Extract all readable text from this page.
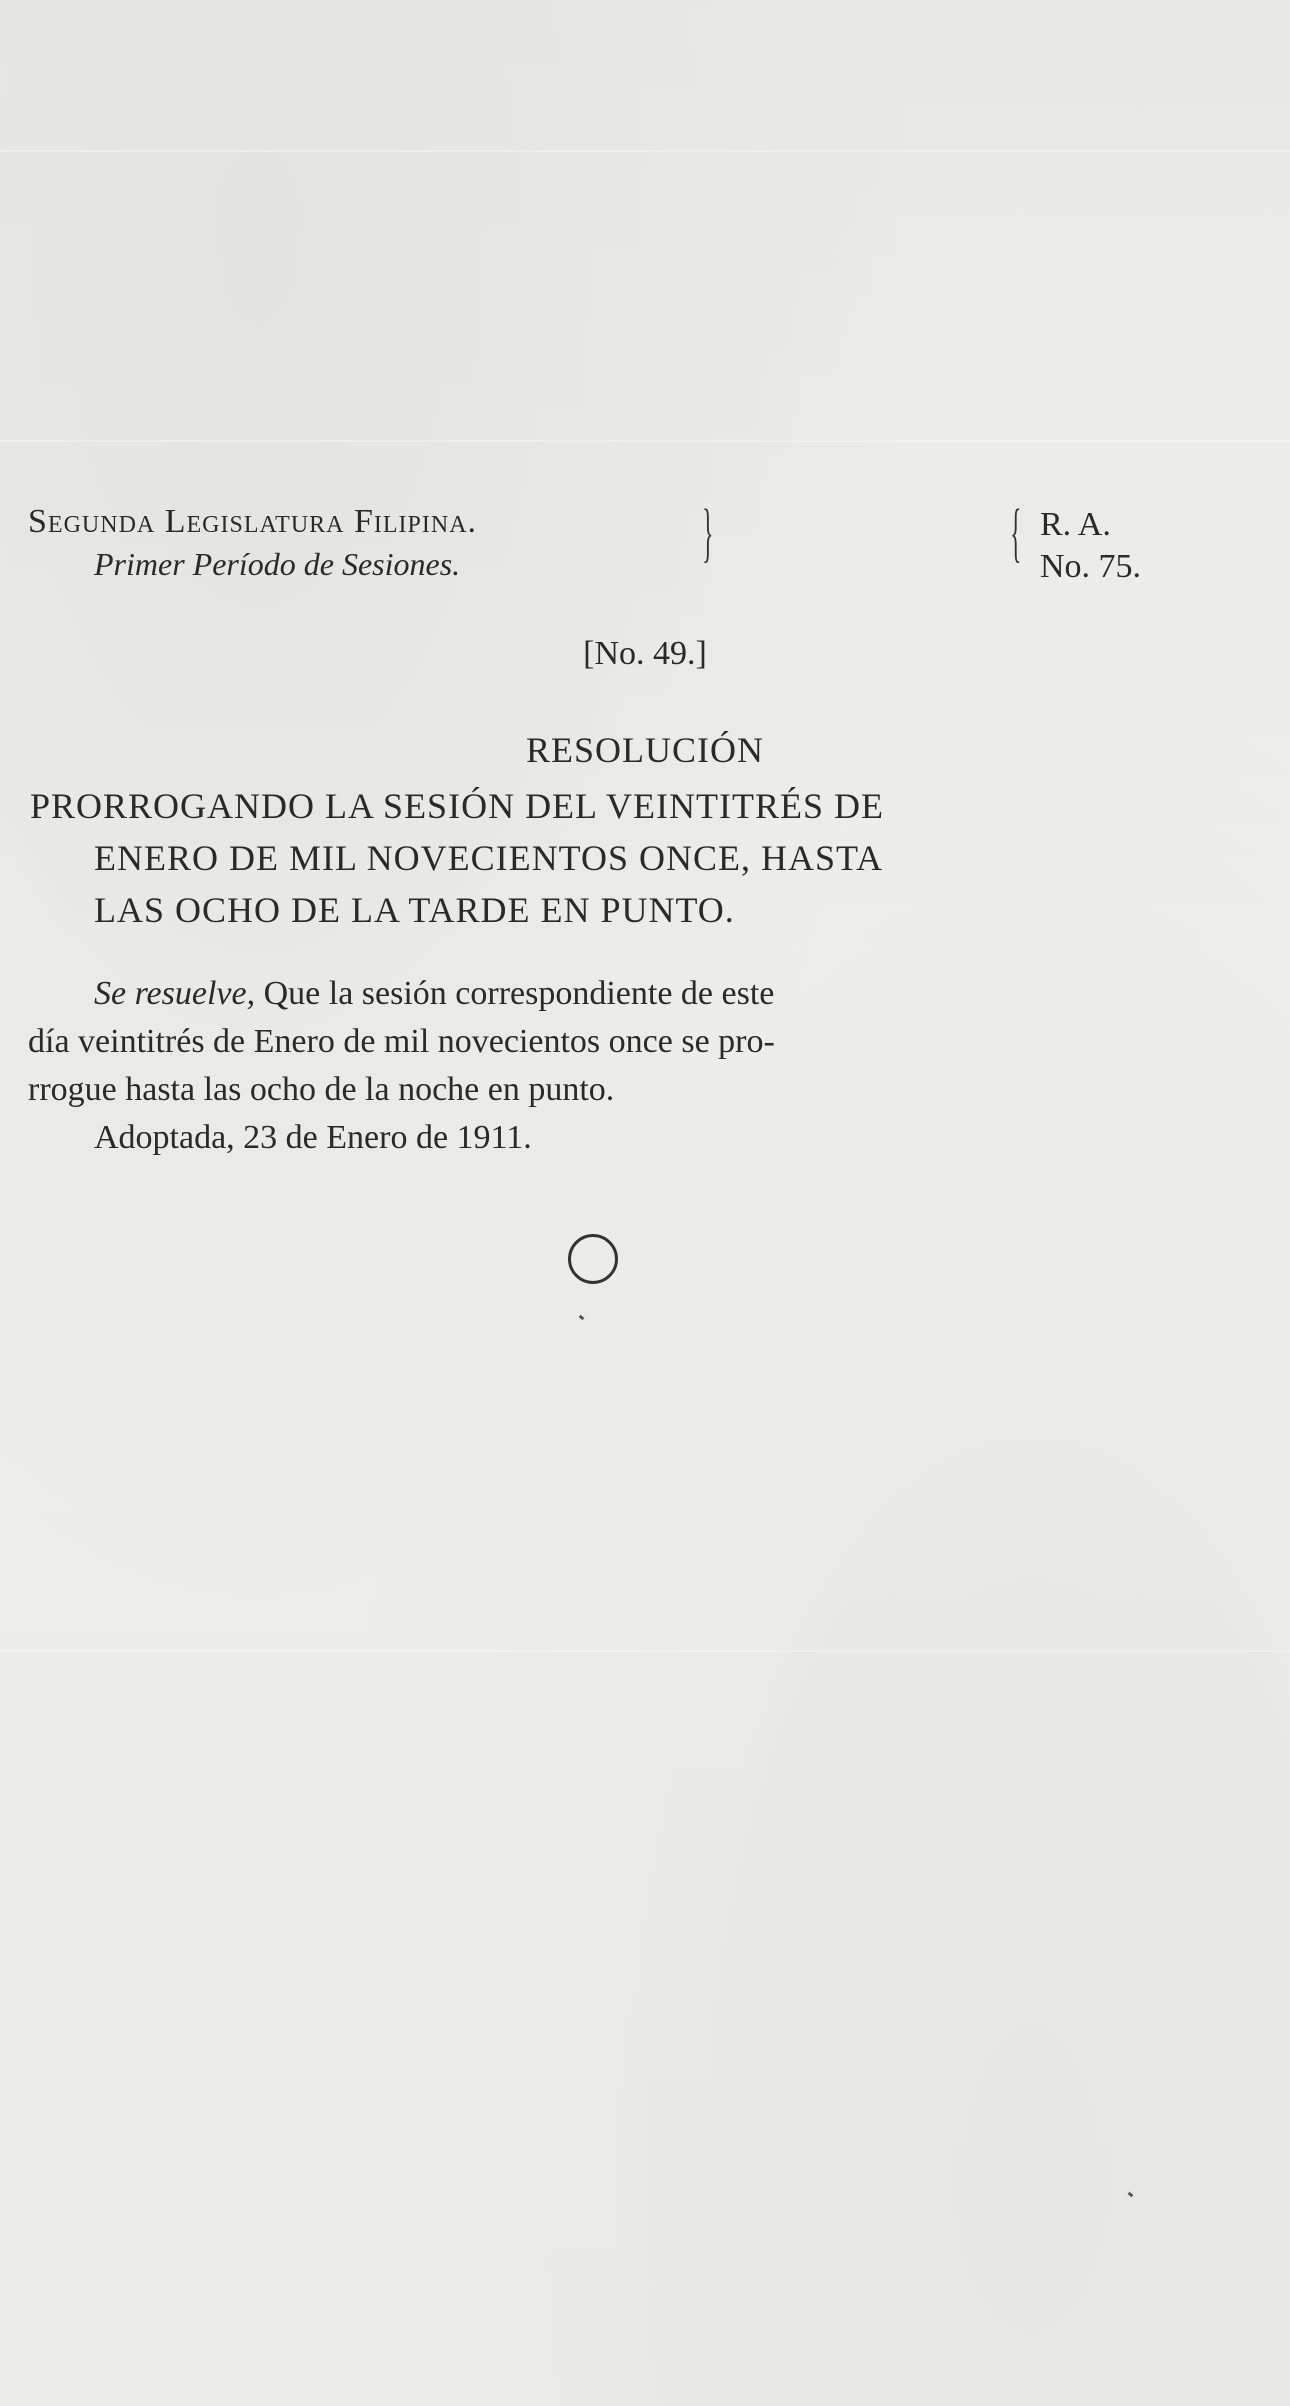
Segunda Legislatura Filipina.
Primer Período de Sesiones.	}	{ R. A.
No. 75.
[No. 49.]
RESOLUCIÓN
PRORROGANDO LA SESIÓN DEL VEINTITRÉS DE
ENERO DE MIL NOVECIENTOS ONCE, HASTA
LAS OCHO DE LA TARDE EN PUNTO.
Se resuelve, Que la sesión correspondiente de este
día veintitrés de Enero de mil novecientos once se pro-
rrogue hasta las ocho de la noche en punto.
Adoptada, 23 de Enero de 1911.
